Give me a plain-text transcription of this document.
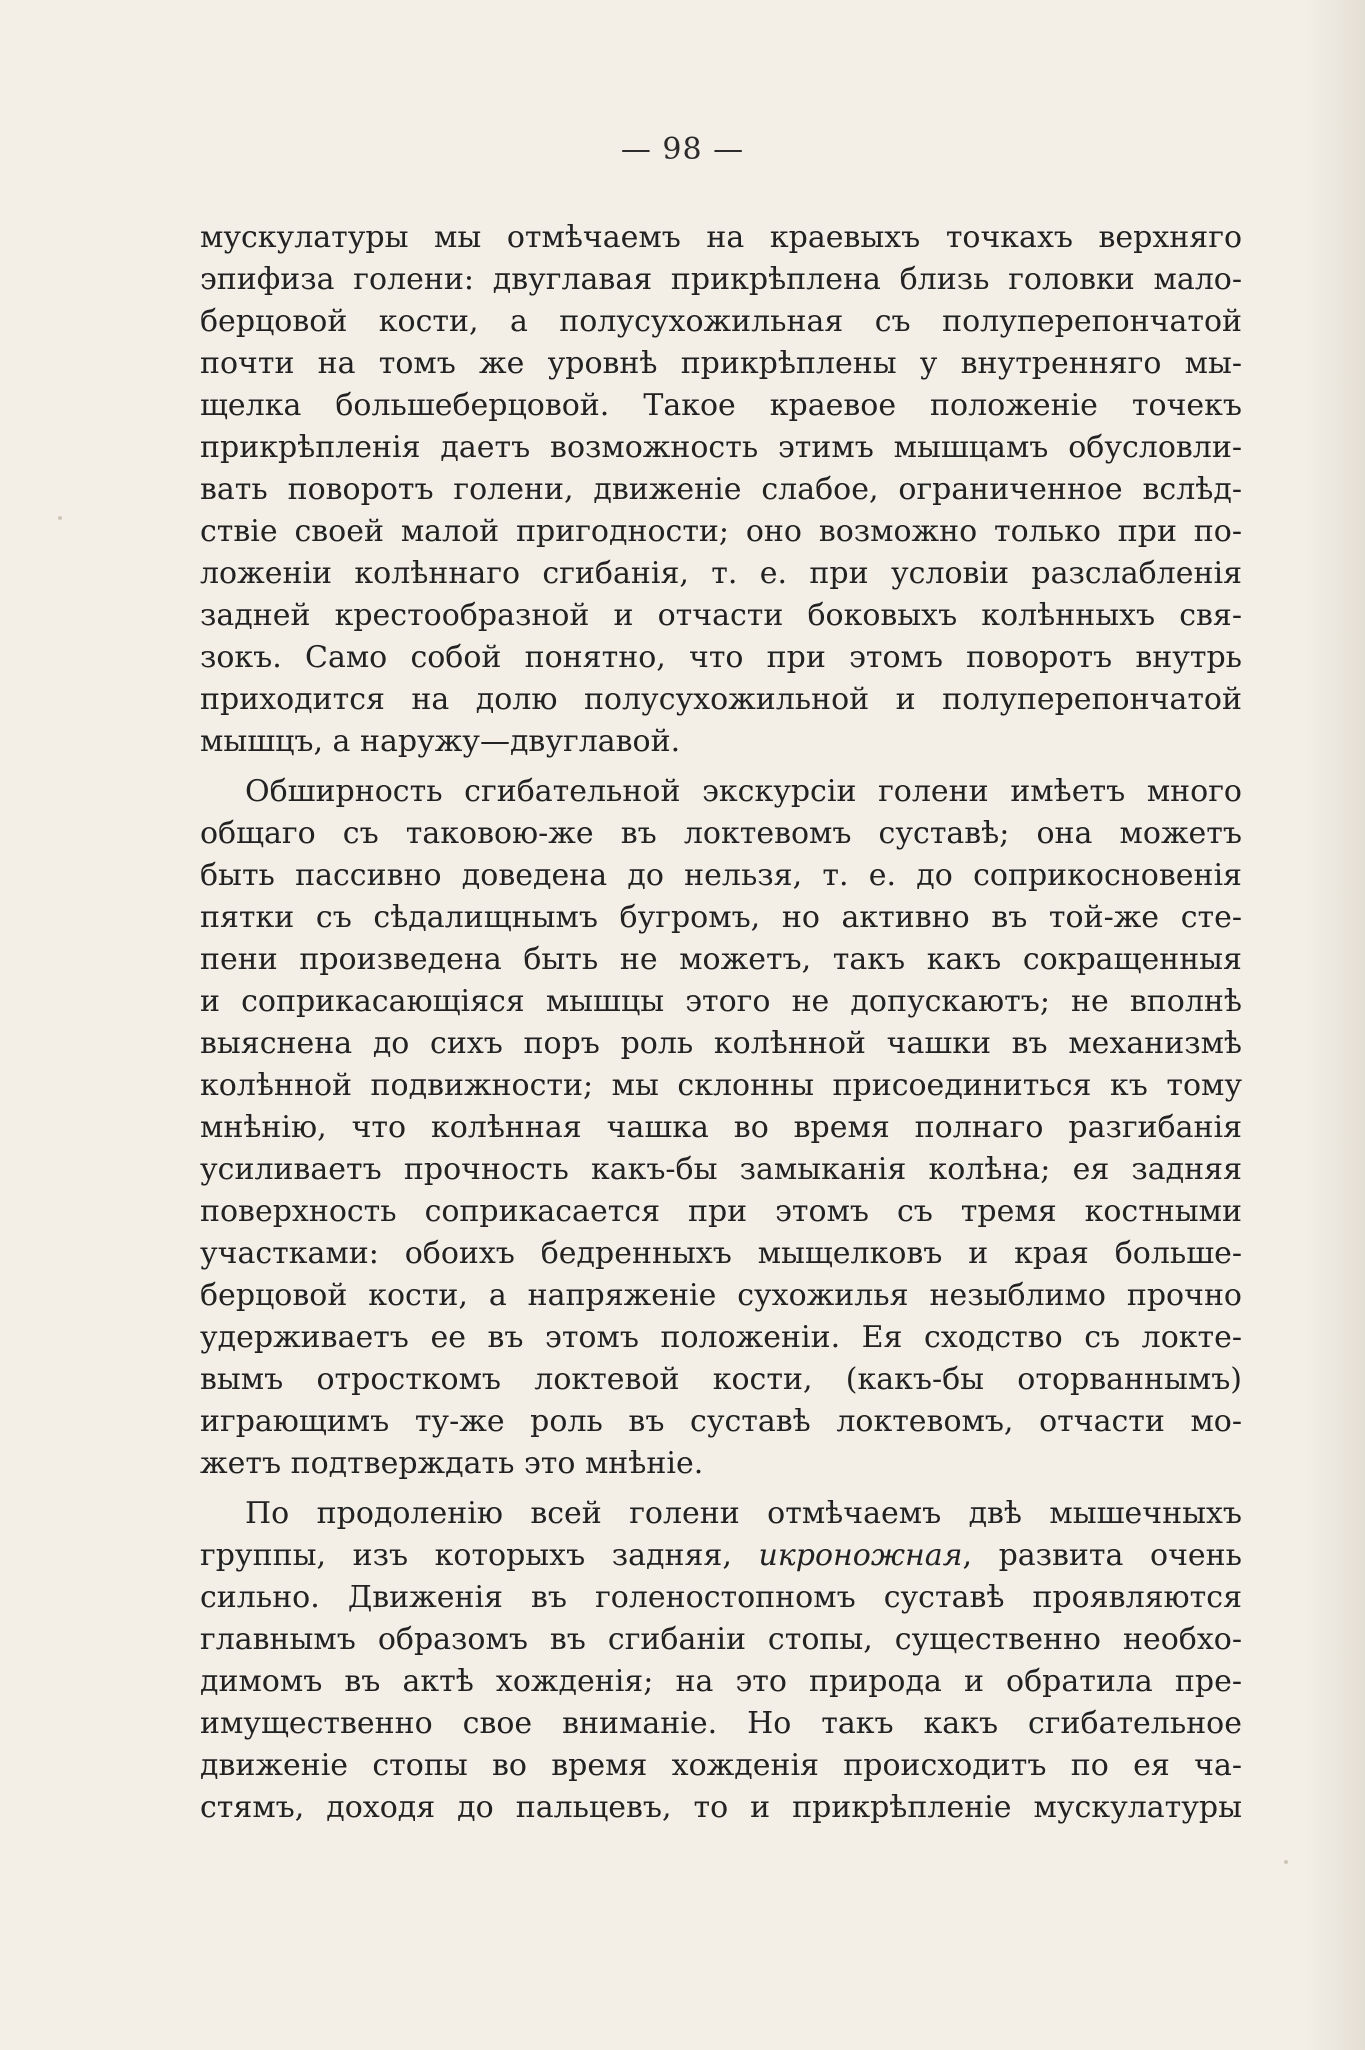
— 98 —
мускулатуры мы отмѣчаемъ на краевыхъ точкахъ верхняго
эпифиза голени: двуглавая прикрѣплена близь головки мало-
берцовой кости, а полусухожильная съ полуперепончатой
почти на томъ же уровнѣ прикрѣплены у внутренняго мы-
щелка большеберцовой. Такое краевое положенiе точекъ
прикрѣпленiя даетъ возможность этимъ мышцамъ обусловли-
вать поворотъ голени, движенiе слабое, ограниченное вслѣд-
ствiе своей малой пригодности; оно возможно только при по-
ложенiи колѣннаго сгибанiя, т. е. при условiи разслабленiя
задней крестообразной и отчасти боковыхъ колѣнныхъ свя-
зокъ. Само собой понятно, что при этомъ поворотъ внутрь
приходится на долю полусухожильной и полуперепончатой
мышцъ, а наружу—двуглавой.
Обширность сгибательной экскурсiи голени имѣетъ много
общаго съ таковою-же въ локтевомъ суставѣ; она можетъ
быть пассивно доведена до нельзя, т. е. до соприкосновенiя
пятки съ сѣдалищнымъ бугромъ, но активно въ той-же сте-
пени произведена быть не можетъ, такъ какъ сокращенныя
и соприкасающiяся мышцы этого не допускаютъ; не вполнѣ
выяснена до сихъ поръ роль колѣнной чашки въ механизмѣ
колѣнной подвижности; мы склонны присоединиться къ тому
мнѣнiю, что колѣнная чашка во время полнаго разгибанiя
усиливаетъ прочность какъ-бы замыканiя колѣна; ея задняя
поверхность соприкасается при этомъ съ тремя костными
участками: обоихъ бедренныхъ мыщелковъ и края больше-
берцовой кости, а напряженiе сухожилья незыблимо прочно
удерживаетъ ее въ этомъ положенiи. Ея сходство съ локте-
вымъ отросткомъ локтевой кости, (какъ-бы оторваннымъ)
играющимъ ту-же роль въ суставѣ локтевомъ, отчасти мо-
жетъ подтверждать это мнѣнiе.
По продоленiю всей голени отмѣчаемъ двѣ мышечныхъ
группы, изъ которыхъ задняя, икроножная, развита очень
сильно. Движенiя въ голеностопномъ суставѣ проявляются
главнымъ образомъ въ сгибанiи стопы, существенно необхо-
димомъ въ актѣ хожденiя; на это природа и обратила пре-
имущественно свое вниманiе. Но такъ какъ сгибательное
движенiе стопы во время хожденiя происходитъ по ея ча-
стямъ, доходя до пальцевъ, то и прикрѣпленiе мускулатуры
